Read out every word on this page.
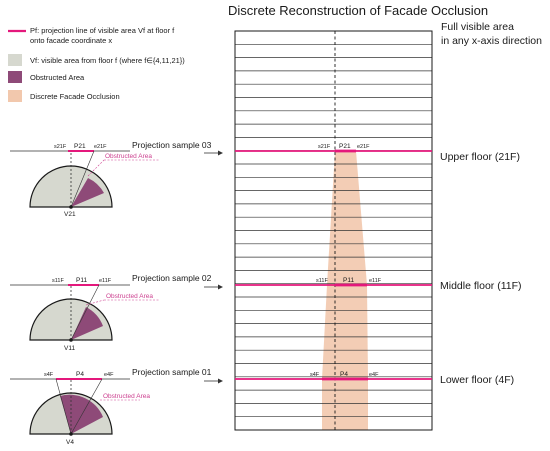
Discrete Reconstruction of Facade Occlusion
Pf: projection line of visible area Vf at floor f
onto facade coordinate x
Vf: visible area from floor f (where f∈{4,11,21})
Obstructed Area
Discrete Facade Occlusion
s21F P21 e21F
V21
Obstructed Area
Projection sample 03
s11F P11 e11F
V11
Obstructed Area
Projection sample 02
s4F	P4	e4F
V4
Obstructed Area
Projection sample 01
s21F P21 e21F
s11F P11	e11F
s4F	P4	e4F
Full visible area
in any x-axis direction
Upper floor (21F)
Middle floor (11F)
Lower floor (4F)
